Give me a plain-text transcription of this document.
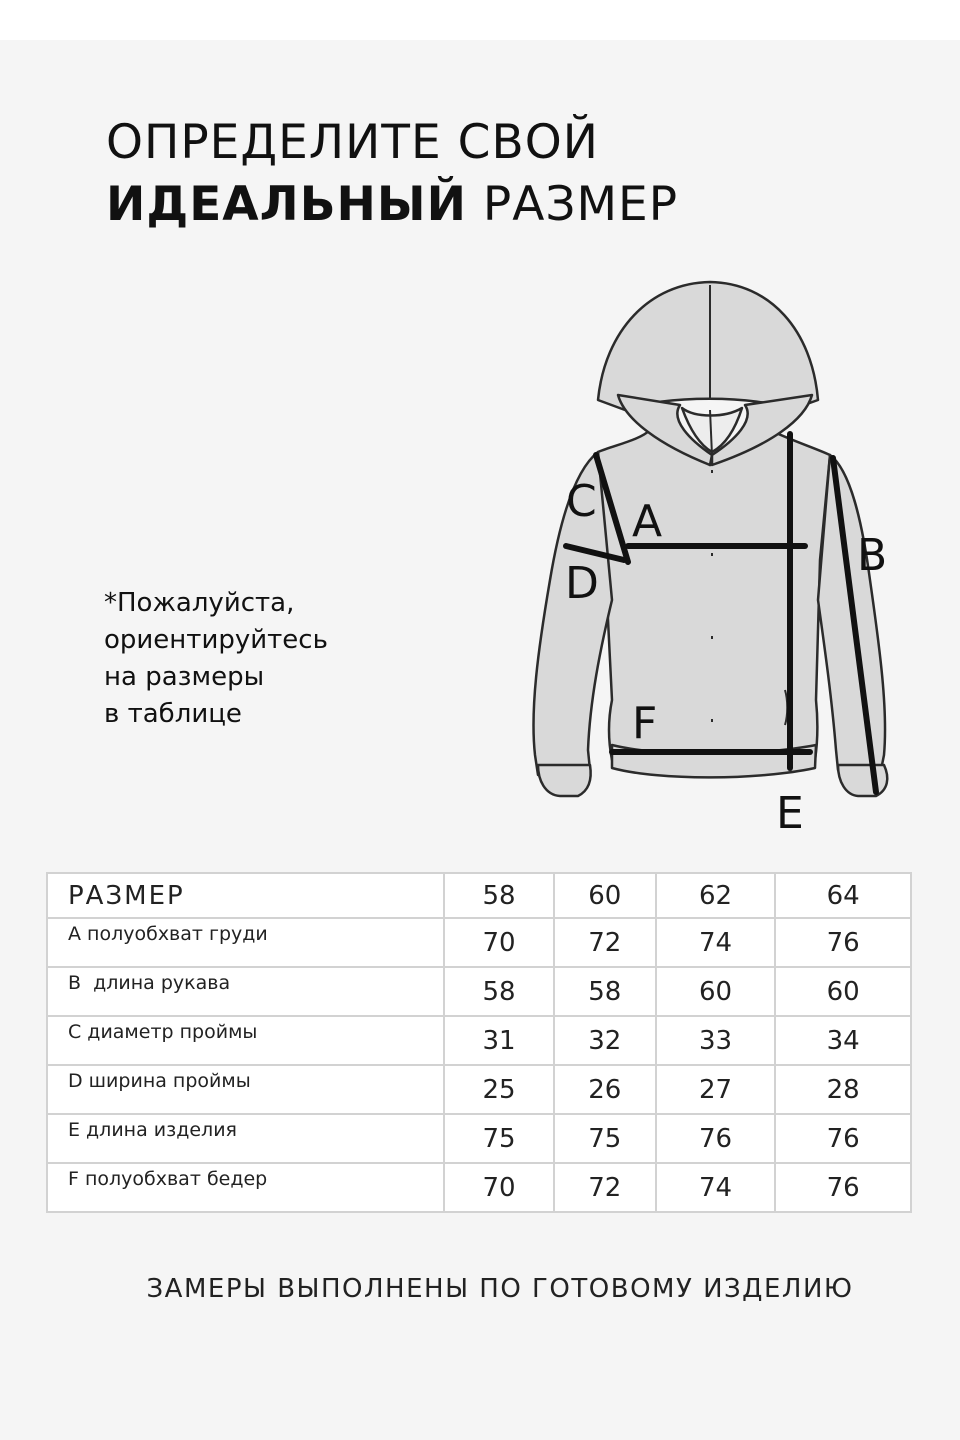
ОПРЕДЕЛИТЕ СВОЙ
ИДЕАЛЬНЫЙ РАЗМЕР
*Пожалуйста,
ориентируйтесь
на размеры
в таблице
A
B
C
D
E
F
РАЗМЕР	58	60	62	64
A полуобхват груди	70	72	74	76
B  длина рукава	58	58	60	60
C диаметр проймы	31	32	33	34
D ширина проймы	25	26	27	28
E длина изделия	75	75	76	76
F полуобхват бедер	70	72	74	76
ЗАМЕРЫ ВЫПОЛНЕНЫ ПО ГОТОВОМУ ИЗДЕЛИЮ
